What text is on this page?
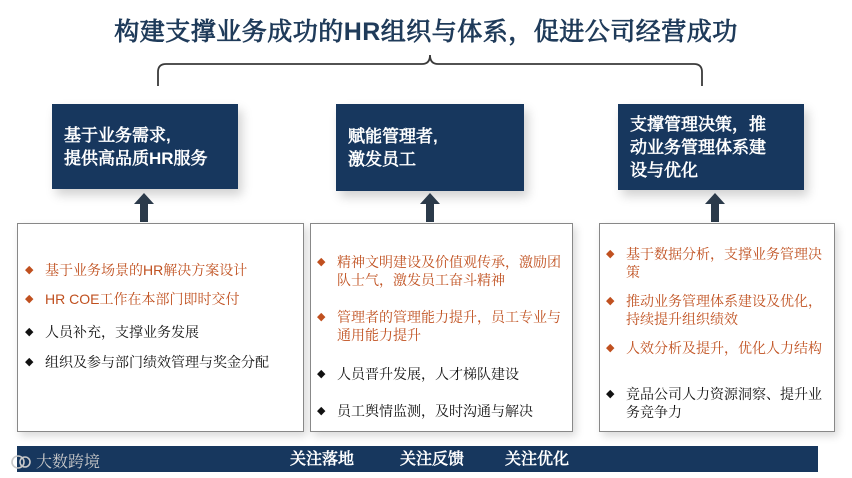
构建支撑业务成功的HR组织与体系，促进公司经营成功
基于业务需求,
提供高品质HR服务
◆ 基于业务场景的HR解决方案设计
◆ HR COE工作在本部门即时交付
◆ 人员补充，支撑业务发展
◆ 组织及参与部门绩效管理与奖金分配
赋能管理者,
激发员工
◆ 精神文明建设及价值观传承，激励团队士气，激发员工奋斗精神
◆ 管理者的管理能力提升，员工专业与通用能力提升
◆ 人员晋升发展，人才梯队建设
◆ 员工舆情监测，及时沟通与解决
支撑管理决策，推
动业务管理体系建
设与优化
◆ 基于数据分析，支撑业务管理决策
◆ 推动业务管理体系建设及优化，持续提升组织绩效
◆ 人效分析及提升，优化人力结构
◆ 竞品公司人力资源洞察、提升业务竞争力
关注落地	关注反馈	关注优化
大数跨境
